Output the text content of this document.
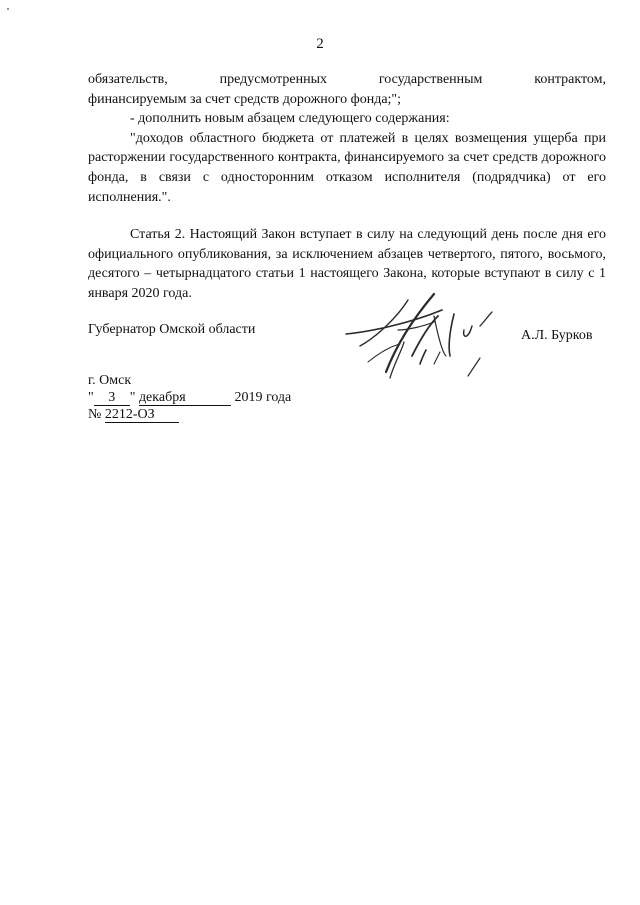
2

обязательств, предусмотренных государственным контрактом,

финансируемым за счет средств дорожного фонда;";

- дополнить новым абзацем следующего содержания:

"доходов областного бюджета от платежей в целях возмещения ущерба при расторжении государственного контракта, финансируемого за счет средств дорожного фонда, в связи с односторонним отказом исполнителя (подрядчика) от его исполнения.".

Статья 2. Настоящий Закон вступает в силу на следующий день после дня его официального опубликования, за исключением абзацев четвертого, пятого, восьмого, десятого – четырнадцатого статьи 1 настоящего Закона, которые вступают в силу с 1 января 2020 года.

Губернатор Омской области	А.Л. Бурков
г. Омск
" 3 " декабря	2019 года
№ 2212-ОЗ
